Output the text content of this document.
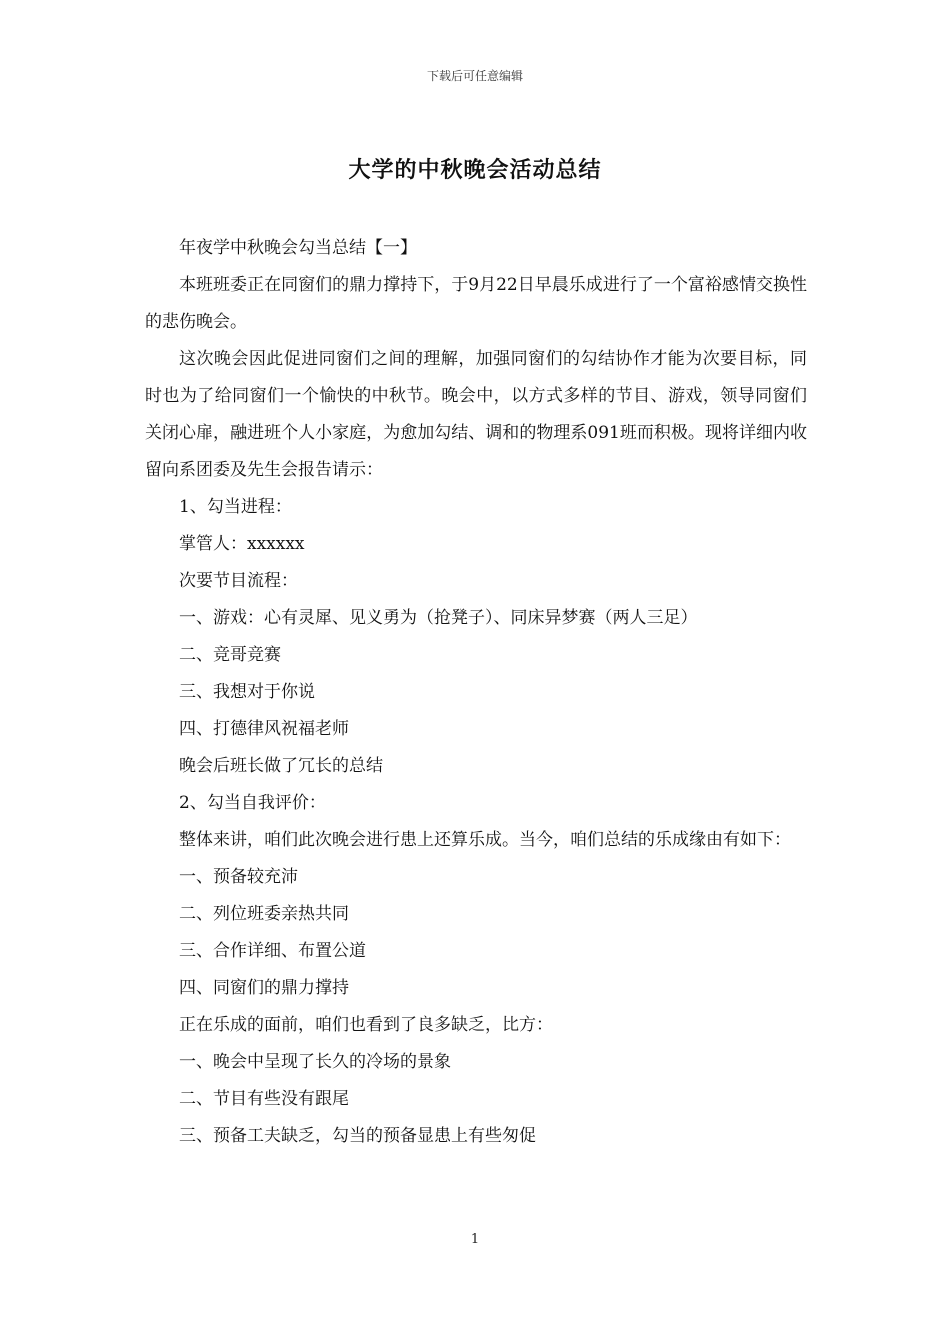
下载后可任意编辑
大学的中秋晚会活动总结

年夜学中秋晚会勾当总结【一】

本班班委正在同窗们的鼎力撑持下，于9月22日早晨乐成进行了一个富裕感情交换性的悲伤晚会。

这次晚会因此促进同窗们之间的理解，加强同窗们的勾结协作才能为次要目标，同时也为了给同窗们一个愉快的中秋节。晚会中，以方式多样的节目、游戏，领导同窗们关闭心扉，融进班个人小家庭，为愈加勾结、调和的物理系091班而积极。现将详细内收留向系团委及先生会报告请示：

1、勾当进程：

掌管人：xxxxxx

次要节目流程：

一、游戏：心有灵犀、见义勇为（抢凳子）、同床异梦赛（两人三足）

二、竞哥竞赛

三、我想对于你说

四、打德律风祝福老师

晚会后班长做了冗长的总结

2、勾当自我评价：

整体来讲，咱们此次晚会进行患上还算乐成。当今，咱们总结的乐成缘由有如下：

一、预备较充沛

二、列位班委亲热共同

三、合作详细、布置公道

四、同窗们的鼎力撑持

正在乐成的面前，咱们也看到了良多缺乏，比方：

一、晚会中呈现了长久的冷场的景象

二、节目有些没有跟尾

三、预备工夫缺乏，勾当的预备显患上有些匆促

1
